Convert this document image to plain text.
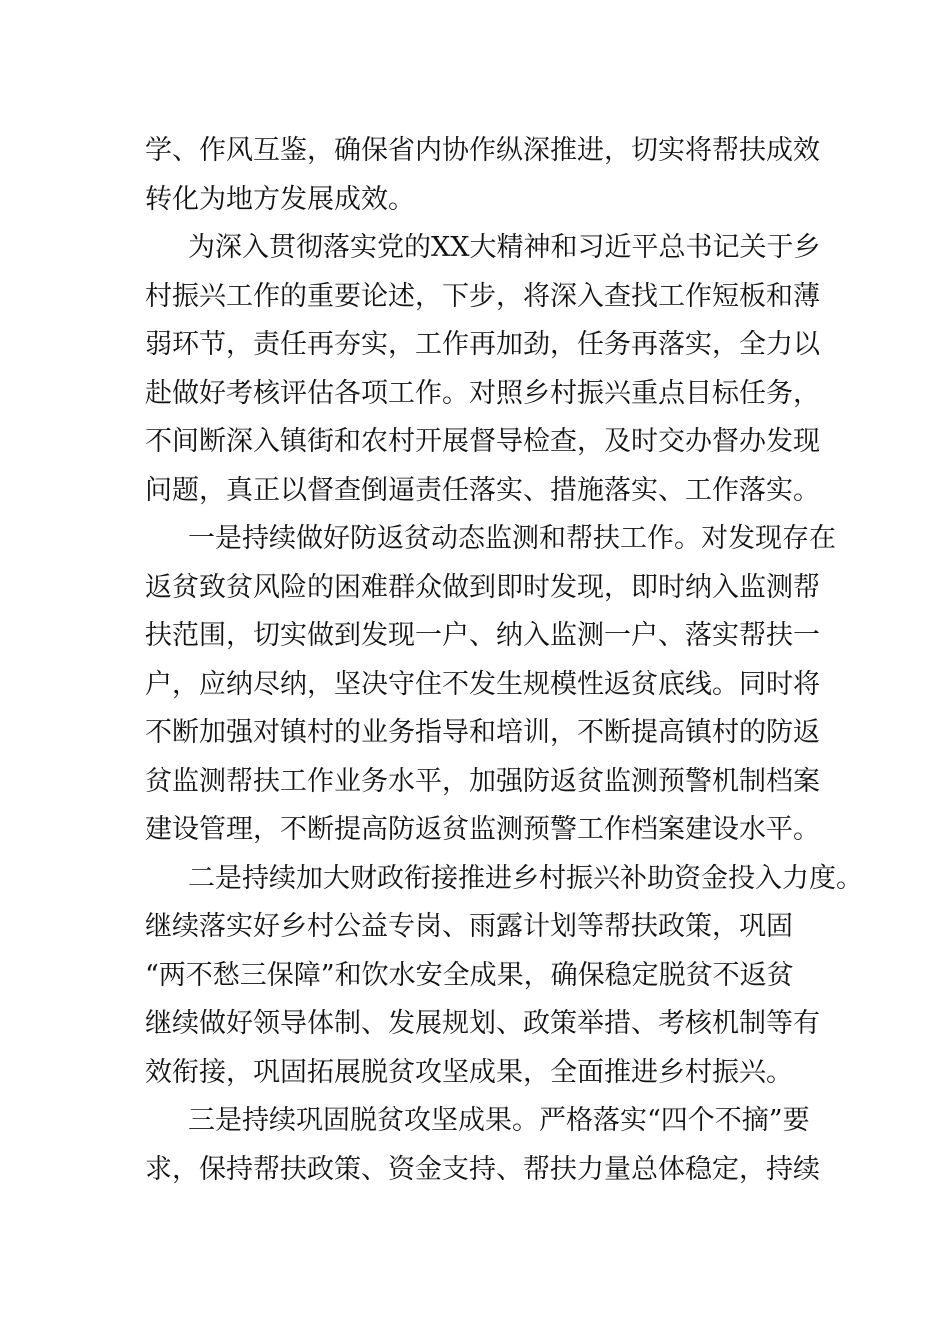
学、作风互鉴，确保省内协作纵深推进，切实将帮扶成效
转化为地方发展成效。
为深入贯彻落实党的XX大精神和习近平总书记关于乡
村振兴工作的重要论述，下步，将深入查找工作短板和薄
弱环节，责任再夯实，工作再加劲，任务再落实，全力以
赴做好考核评估各项工作。对照乡村振兴重点目标任务，
不间断深入镇街和农村开展督导检查，及时交办督办发现
问题，真正以督查倒逼责任落实、措施落实、工作落实。
一是持续做好防返贫动态监测和帮扶工作。对发现存在
返贫致贫风险的困难群众做到即时发现，即时纳入监测帮
扶范围，切实做到发现一户、纳入监测一户、落实帮扶一
户，应纳尽纳，坚决守住不发生规模性返贫底线。同时将
不断加强对镇村的业务指导和培训，不断提高镇村的防返
贫监测帮扶工作业务水平，加强防返贫监测预警机制档案
建设管理，不断提高防返贫监测预警工作档案建设水平。
二是持续加大财政衔接推进乡村振兴补助资金投入力度。
继续落实好乡村公益专岗、雨露计划等帮扶政策，巩固
“两不愁三保障”和饮水安全成果，确保稳定脱贫不返贫
继续做好领导体制、发展规划、政策举措、考核机制等有
效衔接，巩固拓展脱贫攻坚成果，全面推进乡村振兴。
三是持续巩固脱贫攻坚成果。严格落实“四个不摘”要
求，保持帮扶政策、资金支持、帮扶力量总体稳定，持续
